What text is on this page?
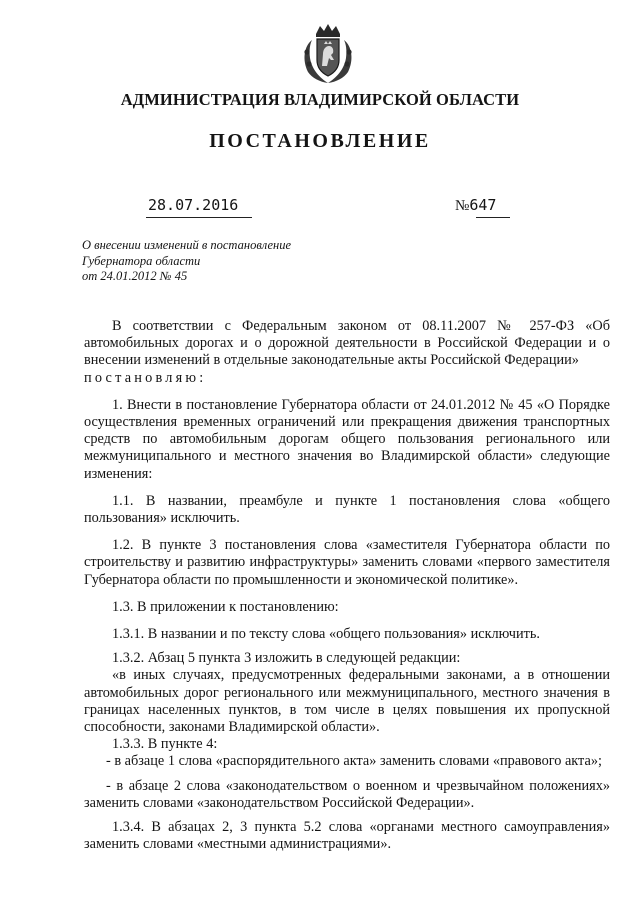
АДМИНИСТРАЦИЯ ВЛАДИМИРСКОЙ ОБЛАСТИ
ПОСТАНОВЛЕНИЕ
28.07.2016	№647
О внесении изменений в постановление
Губернатора области
от 24.01.2012 № 45

В соответствии с Федеральным законом от 08.11.2007 № 257-ФЗ «Об автомобильных дорогах и о дорожной деятельности в Российской Федерации и о внесении изменений в отдельные законодательные акты Российской Федерации»

постановляю:

1. Внести в постановление Губернатора области от 24.01.2012 № 45 «О Порядке осуществления временных ограничений или прекращения движения транспортных средств по автомобильным дорогам общего пользования регионального или межмуниципального и местного значения во Владимирской области» следующие изменения:

1.1. В названии, преамбуле и пункте 1 постановления слова «общего пользования» исключить.

1.2. В пункте 3 постановления слова «заместителя Губернатора области по строительству и развитию инфраструктуры» заменить словами «первого заместителя Губернатора области по промышленности и экономической политике».

1.3. В приложении к постановлению:

1.3.1. В названии и по тексту слова «общего пользования» исключить.

1.3.2. Абзац 5 пункта 3 изложить в следующей редакции:

«в иных случаях, предусмотренных федеральными законами, а в отношении автомобильных дорог регионального или межмуниципального, местного значения в границах населенных пунктов, в том числе в целях повышения их пропускной способности, законами Владимирской области».

1.3.3. В пункте 4:

- в абзаце 1 слова «распорядительного акта» заменить словами «правового акта»;

- в абзаце 2 слова «законодательством о военном и чрезвычайном положениях» заменить словами «законодательством Российской Федерации».

1.3.4. В абзацах 2, 3 пункта 5.2 слова «органами местного самоуправления» заменить словами «местными администрациями».
